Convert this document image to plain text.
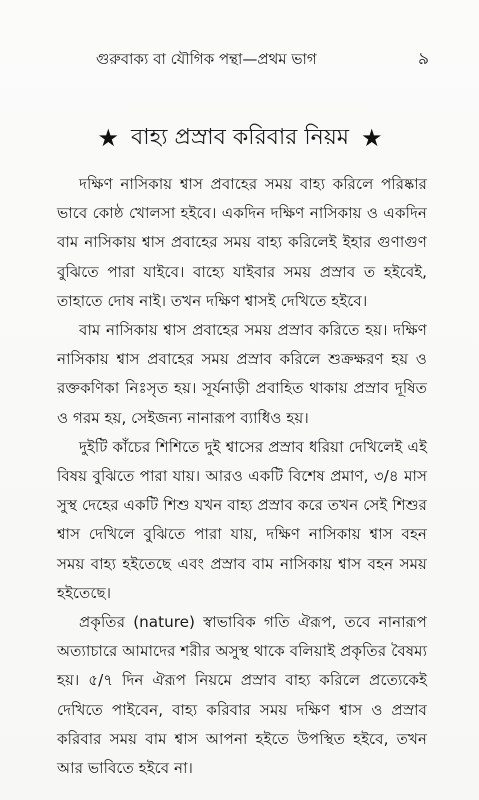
গুরুবাক্য বা যৌগিক পন্থা—প্রথম ভাগ	৯
★ বাহ্য প্রস্রাব করিবার নিয়ম ★

দক্ষিণ নাসিকায় শ্বাস প্রবাহের সময় বাহ্য করিলে পরিষ্কার ভাবে কোষ্ঠ খোলসা হইবে। একদিন দক্ষিণ নাসিকায় ও একদিন বাম নাসিকায় শ্বাস প্রবাহের সময় বাহ্য করিলেই ইহার গুণাগুণ বুঝিতে পারা যাইবে। বাহ্যে যাইবার সময় প্রস্রাব ত হইবেই, তাহাতে দোষ নাই। তখন দক্ষিণ শ্বাসই দেখিতে হইবে।

বাম নাসিকায় শ্বাস প্রবাহের সময় প্রস্রাব করিতে হয়। দক্ষিণ নাসিকায় শ্বাস প্রবাহের সময় প্রস্রাব করিলে শুক্রক্ষরণ হয় ও রক্তকণিকা নিঃসৃত হয়। সূর্যনাড়ী প্রবাহিত থাকায় প্রস্রাব দূষিত ও গরম হয়, সেইজন্য নানারূপ ব্যাধিও হয়।

দুইটি কাঁচের শিশিতে দুই শ্বাসের প্রস্রাব ধরিয়া দেখিলেই এই বিষয় বুঝিতে পারা যায়। আরও একটি বিশেষ প্রমাণ, ৩/৪ মাস সুস্থ দেহের একটি শিশু যখন বাহ্য প্রস্রাব করে তখন সেই শিশুর শ্বাস দেখিলে বুঝিতে পারা যায়, দক্ষিণ নাসিকায় শ্বাস বহন সময় বাহ্য হইতেছে এবং প্রস্রাব বাম নাসিকায় শ্বাস বহন সময় হইতেছে।

প্রকৃতির (nature) স্বাভাবিক গতি ঐরূপ, তবে নানারূপ অত্যাচারে আমাদের শরীর অসুস্থ থাকে বলিয়াই প্রকৃতির বৈষম্য হয়। ৫/৭ দিন ঐরূপ নিয়মে প্রস্রাব বাহ্য করিলে প্রত্যেকেই দেখিতে পাইবেন, বাহ্য করিবার সময় দক্ষিণ শ্বাস ও প্রস্রাব করিবার সময় বাম শ্বাস আপনা হইতে উপস্থিত হইবে, তখন আর ভাবিতে হইবে না।
